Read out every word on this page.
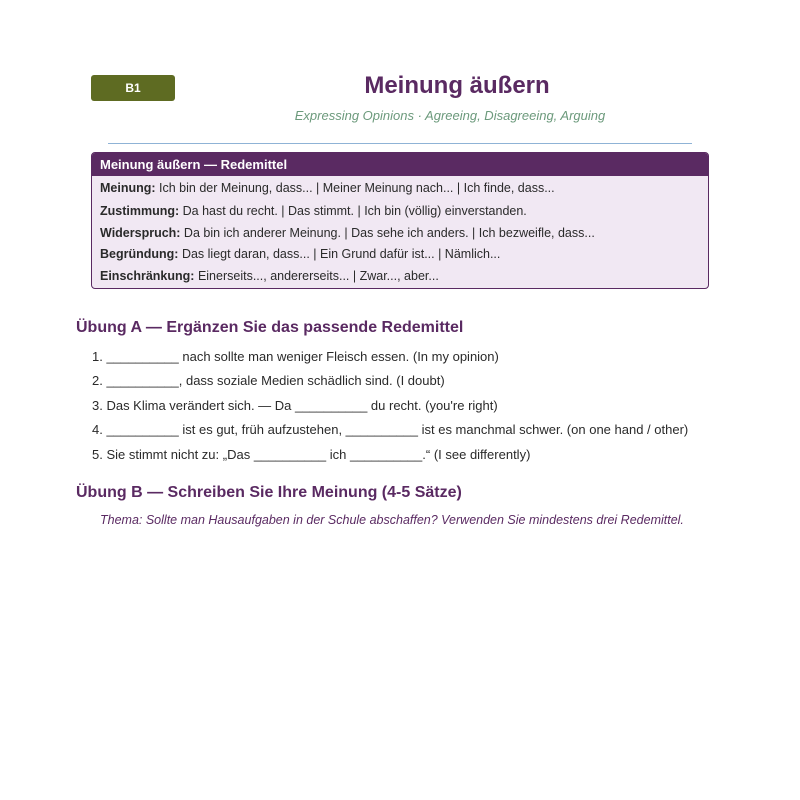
B1	Meinung äußern

Expressing Opinions · Agreeing, Disagreeing, Arguing

Meinung äußern — Redemittel
Meinung: Ich bin der Meinung, dass... | Meiner Meinung nach... | Ich finde, dass...
Zustimmung: Da hast du recht. | Das stimmt. | Ich bin (völlig) einverstanden.
Widerspruch: Da bin ich anderer Meinung. | Das sehe ich anders. | Ich bezweifle, dass...
Begründung: Das liegt daran, dass... | Ein Grund dafür ist... | Nämlich...
Einschränkung: Einerseits..., andererseits... | Zwar..., aber...
Übung A — Ergänzen Sie das passende Redemittel
1. __________ nach sollte man weniger Fleisch essen. (In my opinion)
2. __________, dass soziale Medien schädlich sind. (I doubt)
3. Das Klima verändert sich. — Da __________ du recht. (you're right)
4. __________ ist es gut, früh aufzustehen, __________ ist es manchmal schwer. (on one hand / other)
5. Sie stimmt nicht zu: „Das __________ ich __________.“ (I see differently)
Übung B — Schreiben Sie Ihre Meinung (4-5 Sätze)
Thema: Sollte man Hausaufgaben in der Schule abschaffen? Verwenden Sie mindestens drei Redemittel.
